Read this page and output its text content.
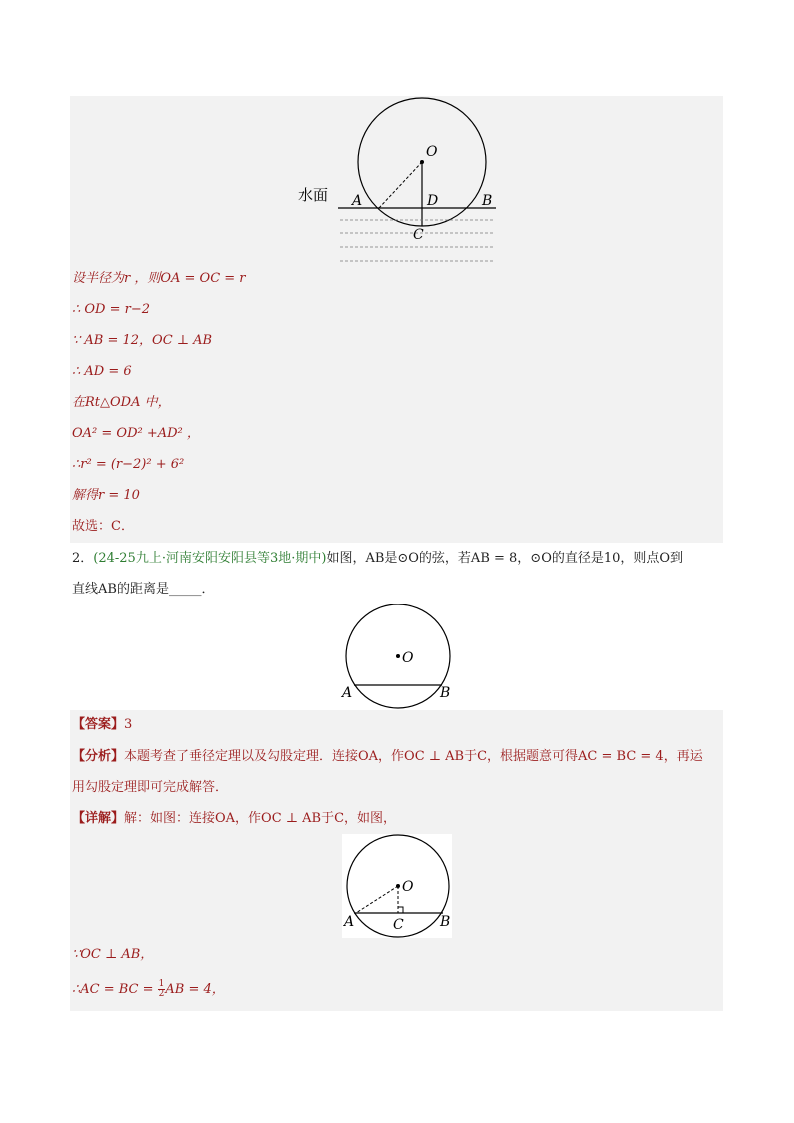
水面
O
A	D	B
C
设半径为r ，则OA = OC = r
∴ OD = r−2
∵ AB = 12，OC ⊥ AB
∴ AD = 6
在Rt△ODA 中，
OA² = OD² +AD² ，
∴r² = (r−2)² + 6²
解得r = 10
故选：C．
2．(24-25九上·河南安阳安阳县等3地·期中)如图，AB是⊙O的弦，若AB = 8，⊙O的直径是10，则点O到
直线AB的距离是_____．
O
A	B
【答案】3
【分析】本题考查了垂径定理以及勾股定理．连接OA，作OC ⊥ AB于C，根据题意可得AC = BC = 4，再运
用勾股定理即可完成解答．
【详解】解：如图：连接OA，作OC ⊥ AB于C，如图，
O
A	C	B
∵OC ⊥ AB，
∴AC = BC = $\frac{1}{2}$ AB = 4，
